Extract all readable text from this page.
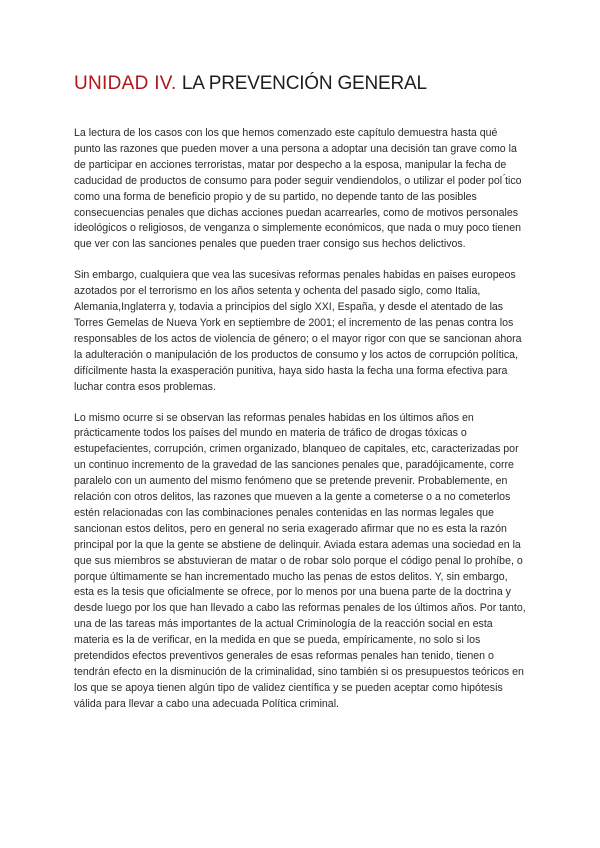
UNIDAD IV. LA PREVENCIÓN GENERAL

La lectura de los casos con los que hemos comenzado este capítulo demuestra hasta qué punto las razones que pueden mover a una persona a adoptar una decisión tan grave como la de participar en acciones terroristas, matar por despecho a la esposa, manipular la fecha de caducidad de productos de consumo para poder seguir vendiendolos, o utilizar el poder pol ́tico como una forma de beneficio propio y de su partido, no depende tanto de las posibles consecuencias penales que dichas acciones puedan acarrearles, como de motivos personales ideológicos o religiosos, de venganza o simplemente económicos, que nada o muy poco tienen que ver con las sanciones penales que pueden traer consigo sus hechos delictivos.

Sin embargo, cualquiera que vea las sucesivas reformas penales habidas en paises europeos azotados por el terrorismo en los años setenta y ochenta del pasado siglo, como Italia, Alemania,Inglaterra y, todavia a principios del siglo XXI, España, y desde el atentado de las Torres Gemelas de Nueva York en septiembre de 2001; el incremento de las penas contra los responsables de los actos de violencia de género; o el mayor rigor con que se sancionan ahora la adulteración o manipulación de los productos de consumo y los actos de corrupción política, difícilmente hasta la exasperación punitiva, haya sido hasta la fecha una forma efectiva para luchar contra esos problemas.

Lo mismo ocurre si se observan las reformas penales habidas en los últimos años en prácticamente todos los países del mundo en materia de tráfico de drogas tóxicas o estupefacientes, corrupción, crimen organizado, blanqueo de capitales, etc, caracterizadas por un continuo incremento de la gravedad de las sanciones penales que, paradójicamente, corre paralelo con un aumento del mismo fenómeno que se pretende prevenir. Probablemente, en relación con otros delitos, las razones que mueven a la gente a cometerse o a no cometerlos estén relacionadas con las combinaciones penales contenidas en las normas legales que sancionan estos delitos, pero en general no seria exagerado afirmar que no es esta la razón principal por la que la gente se abstiene de delinquir. Aviada estara ademas una sociedad en la que sus miembros se abstuvieran de matar o de robar solo porque el código penal lo prohíbe, o porque últimamente se han incrementado mucho las penas de estos delitos. Y, sin embargo, esta es la tesis que oficialmente se ofrece, por lo menos por una buena parte de la doctrina y desde luego por los que han llevado a cabo las reformas penales de los últimos años. Por tanto, una de las tareas más importantes de la actual Criminología de la reacción social en esta materia es la de verificar, en la medida en que se pueda, empíricamente, no solo si los pretendidos efectos preventivos generales de esas reformas penales han tenido, tienen o tendrán efecto en la disminución de la criminalidad, sino también si os presupuestos teóricos en los que se apoya tienen algún tipo de validez científica y se pueden aceptar como hipótesis válida para llevar a cabo una adecuada Política criminal.
